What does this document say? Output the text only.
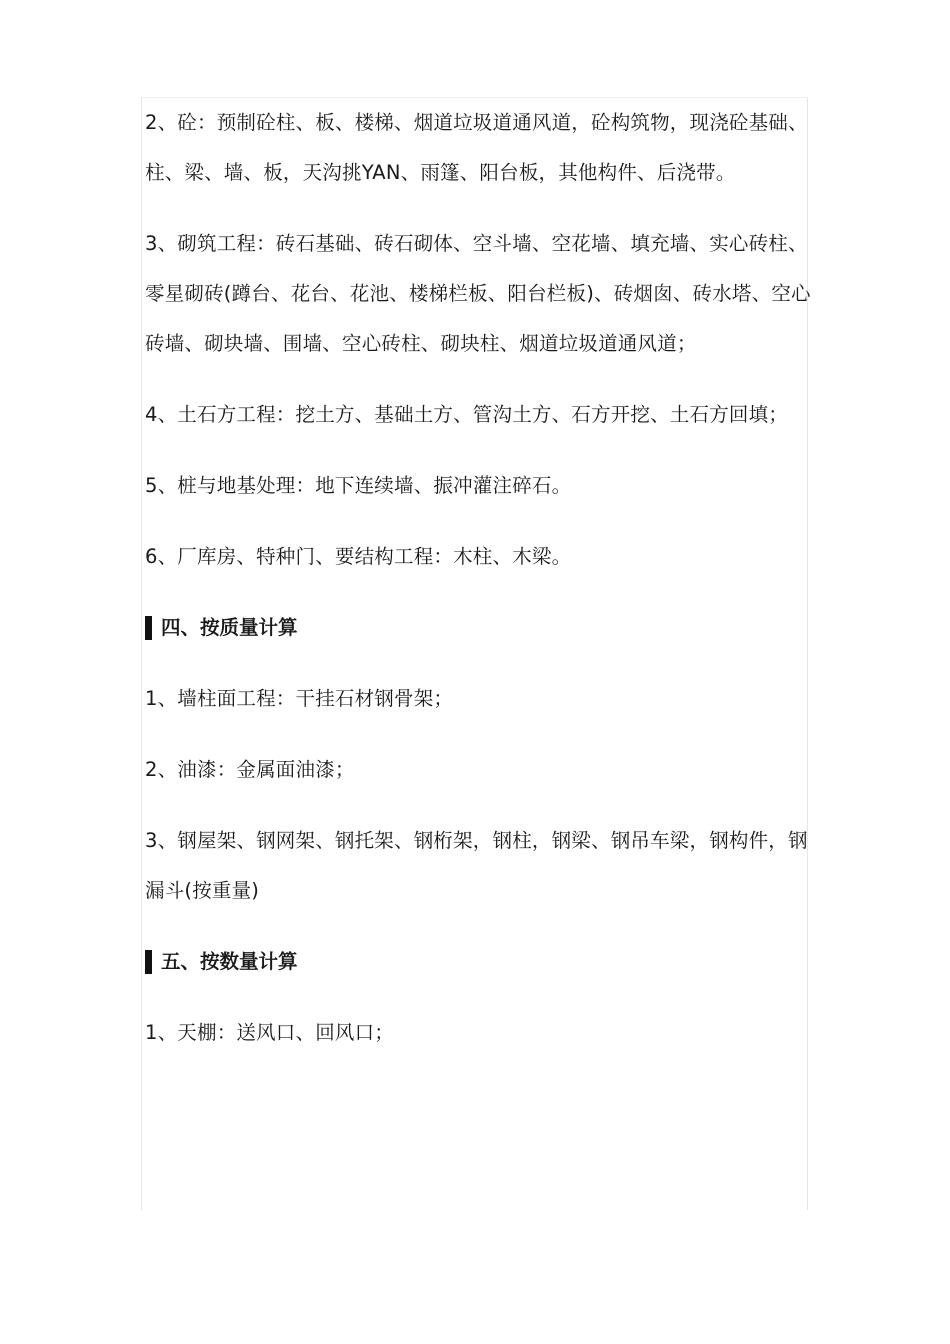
2、砼：预制砼柱、板、楼梯、烟道垃圾道通风道，砼构筑物，现浇砼基础、柱、梁、墙、板，天沟挑YAN、雨篷、阳台板，其他构件、后浇带。

3、砌筑工程：砖石基础、砖石砌体、空斗墙、空花墙、填充墙、实心砖柱、零星砌砖(蹲台、花台、花池、楼梯栏板、阳台栏板)、砖烟囱、砖水塔、空心砖墙、砌块墙、围墙、空心砖柱、砌块柱、烟道垃圾道通风道；

4、土石方工程：挖土方、基础土方、管沟土方、石方开挖、土石方回填；

5、桩与地基处理：地下连续墙、振冲灌注碎石。

6、厂库房、特种门、要结构工程：木柱、木梁。

四、按质量计算

1、墙柱面工程：干挂石材钢骨架；

2、油漆：金属面油漆；

3、钢屋架、钢网架、钢托架、钢桁架，钢柱，钢梁、钢吊车梁，钢构件，钢漏斗(按重量)

五、按数量计算

1、天棚：送风口、回风口；
